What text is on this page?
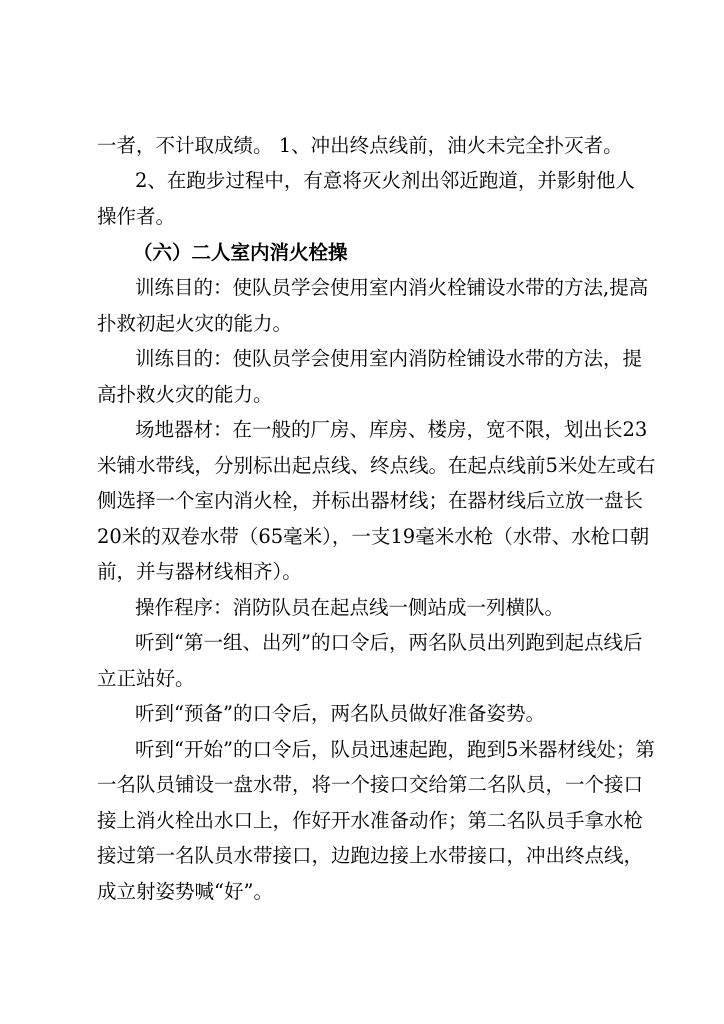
一者，不计取成绩。 1、冲出终点线前，油火未完全扑灭者。
2、在跑步过程中，有意将灭火剂出邻近跑道，并影射他人
操作者。
（六）二人室内消火栓操
训练目的：使队员学会使用室内消火栓铺设水带的方法,提高
扑救初起火灾的能力。
训练目的：使队员学会使用室内消防栓铺设水带的方法，提
高扑救火灾的能力。
场地器材：在一般的厂房、库房、楼房，宽不限，划出长23
米铺水带线，分别标出起点线、终点线。在起点线前5米处左或右
侧选择一个室内消火栓，并标出器材线；在器材线后立放一盘长
20米的双卷水带（65毫米），一支19毫米水枪（水带、水枪口朝
前，并与器材线相齐）。
操作程序：消防队员在起点线一侧站成一列横队。
听到“第一组、出列”的口令后，两名队员出列跑到起点线后
立正站好。
听到“预备”的口令后，两名队员做好准备姿势。
听到“开始”的口令后，队员迅速起跑，跑到5米器材线处；第
一名队员铺设一盘水带，将一个接口交给第二名队员，一个接口
接上消火栓出水口上，作好开水准备动作；第二名队员手拿水枪
接过第一名队员水带接口，边跑边接上水带接口，冲出终点线，
成立射姿势喊“好”。
